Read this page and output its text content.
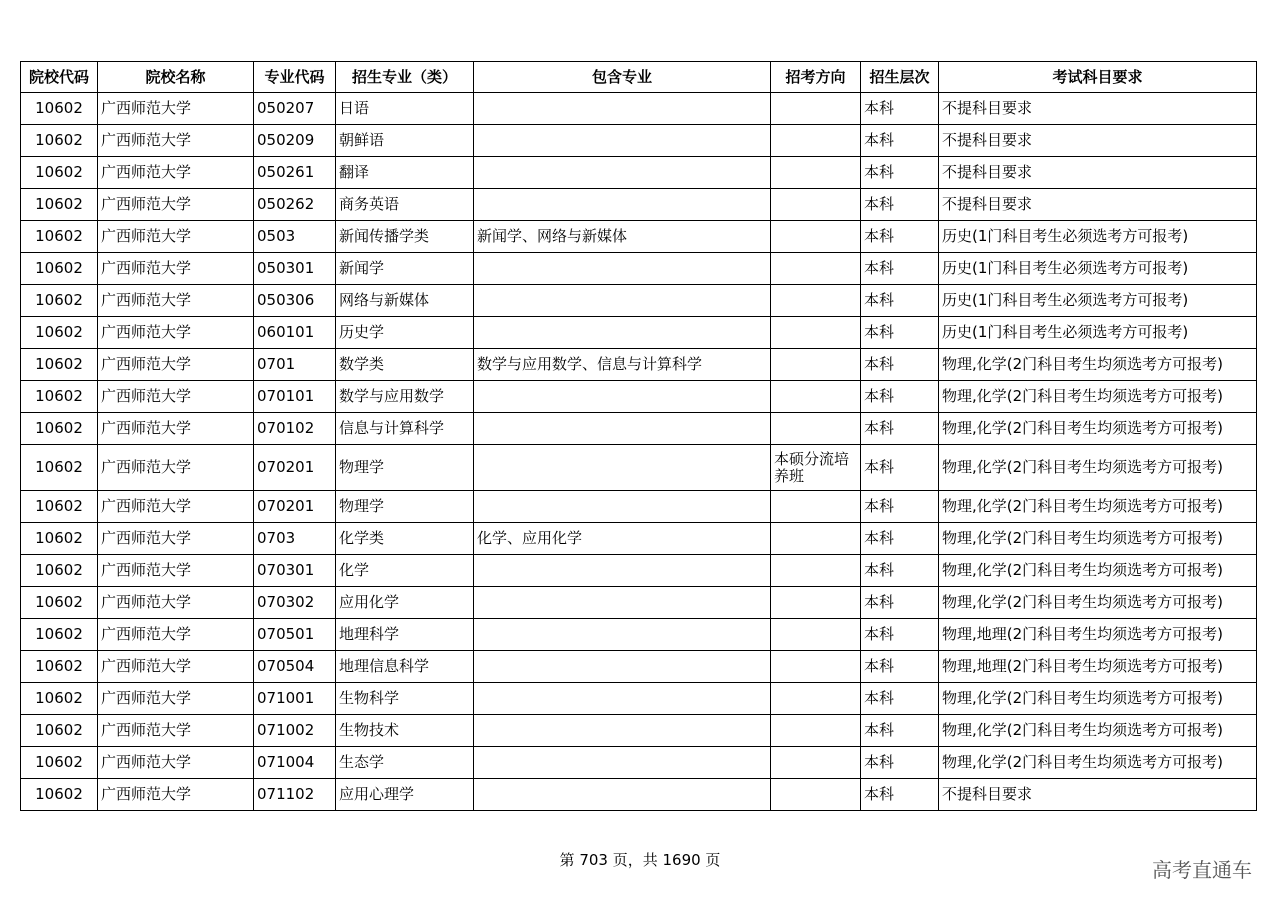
院校代码	院校名称	专业代码	招生专业（类）	包含专业	招考方向	招生层次	考试科目要求
10602	广西师范大学	050207	日语			本科	不提科目要求
10602	广西师范大学	050209	朝鲜语			本科	不提科目要求
10602	广西师范大学	050261	翻译			本科	不提科目要求
10602	广西师范大学	050262	商务英语			本科	不提科目要求
10602	广西师范大学	0503	新闻传播学类	新闻学、网络与新媒体		本科	历史(1门科目考生必须选考方可报考)
10602	广西师范大学	050301	新闻学			本科	历史(1门科目考生必须选考方可报考)
10602	广西师范大学	050306	网络与新媒体			本科	历史(1门科目考生必须选考方可报考)
10602	广西师范大学	060101	历史学			本科	历史(1门科目考生必须选考方可报考)
10602	广西师范大学	0701	数学类	数学与应用数学、信息与计算科学		本科	物理,化学(2门科目考生均须选考方可报考)
10602	广西师范大学	070101	数学与应用数学			本科	物理,化学(2门科目考生均须选考方可报考)
10602	广西师范大学	070102	信息与计算科学			本科	物理,化学(2门科目考生均须选考方可报考)
10602	广西师范大学	070201	物理学		本硕分流培养班	本科	物理,化学(2门科目考生均须选考方可报考)
10602	广西师范大学	070201	物理学			本科	物理,化学(2门科目考生均须选考方可报考)
10602	广西师范大学	0703	化学类	化学、应用化学		本科	物理,化学(2门科目考生均须选考方可报考)
10602	广西师范大学	070301	化学			本科	物理,化学(2门科目考生均须选考方可报考)
10602	广西师范大学	070302	应用化学			本科	物理,化学(2门科目考生均须选考方可报考)
10602	广西师范大学	070501	地理科学			本科	物理,地理(2门科目考生均须选考方可报考)
10602	广西师范大学	070504	地理信息科学			本科	物理,地理(2门科目考生均须选考方可报考)
10602	广西师范大学	071001	生物科学			本科	物理,化学(2门科目考生均须选考方可报考)
10602	广西师范大学	071002	生物技术			本科	物理,化学(2门科目考生均须选考方可报考)
10602	广西师范大学	071004	生态学			本科	物理,化学(2门科目考生均须选考方可报考)
10602	广西师范大学	071102	应用心理学			本科	不提科目要求
第 703 页，共 1690 页	高考直通车
